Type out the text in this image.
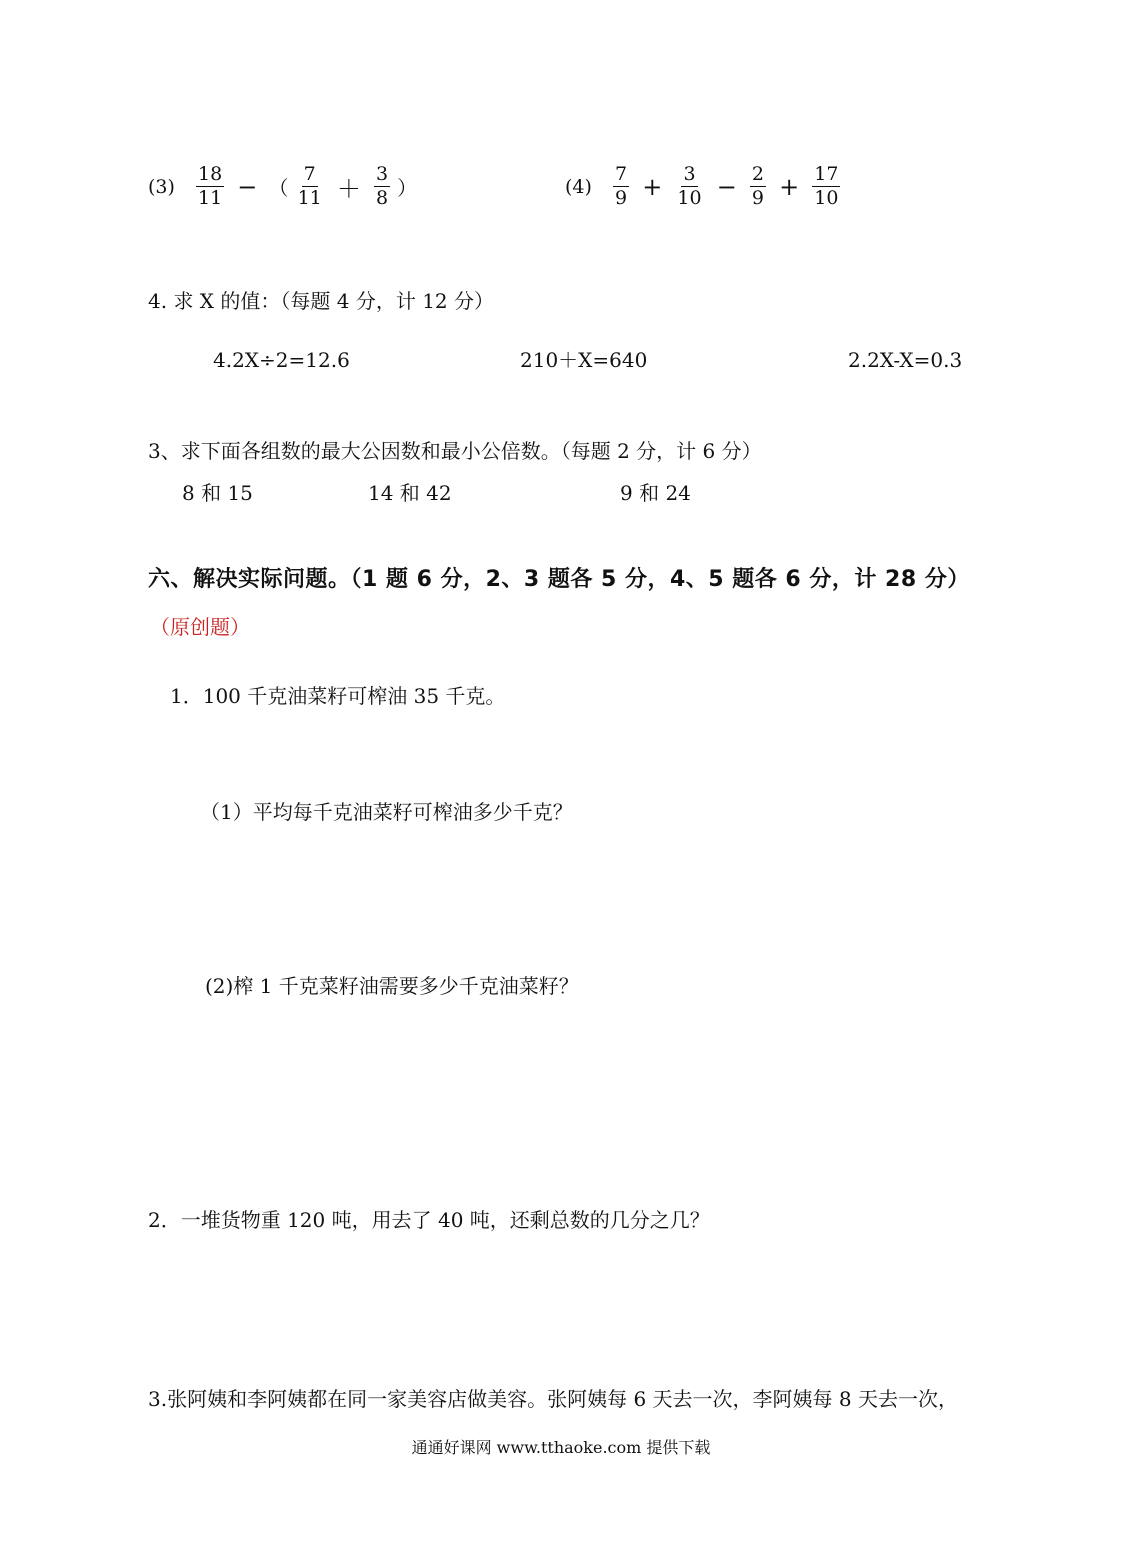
$(3) \frac{18}{11}$ − （ $\frac{7}{11} + \frac{3}{8}$ ）	$(4) \frac{7}{9} + \frac{3}{10} - \frac{2}{9} + \frac{17}{10}$
4. 求 X 的值：（每题 4 分，计 12 分）
4.2X÷2=12.6	210＋X=640	2.2X-X=0.3
3、求下面各组数的最大公因数和最小公倍数。（每题 2 分，计 6 分）
8 和 15	14 和 42	9 和 24
六、解决实际问题。（1 题 6 分，2、3 题各 5 分，4、5 题各 6 分，计 28 分）
（原创题）
1．100 千克油菜籽可榨油 35 千克。
（1）平均每千克油菜籽可榨油多少千克？
(2)榨 1 千克菜籽油需要多少千克油菜籽？
2．一堆货物重 120 吨，用去了 40 吨，还剩总数的几分之几？
3.张阿姨和李阿姨都在同一家美容店做美容。张阿姨每 6 天去一次，李阿姨每 8 天去一次，
通通好课网 www.tthaoke.com 提供下载
